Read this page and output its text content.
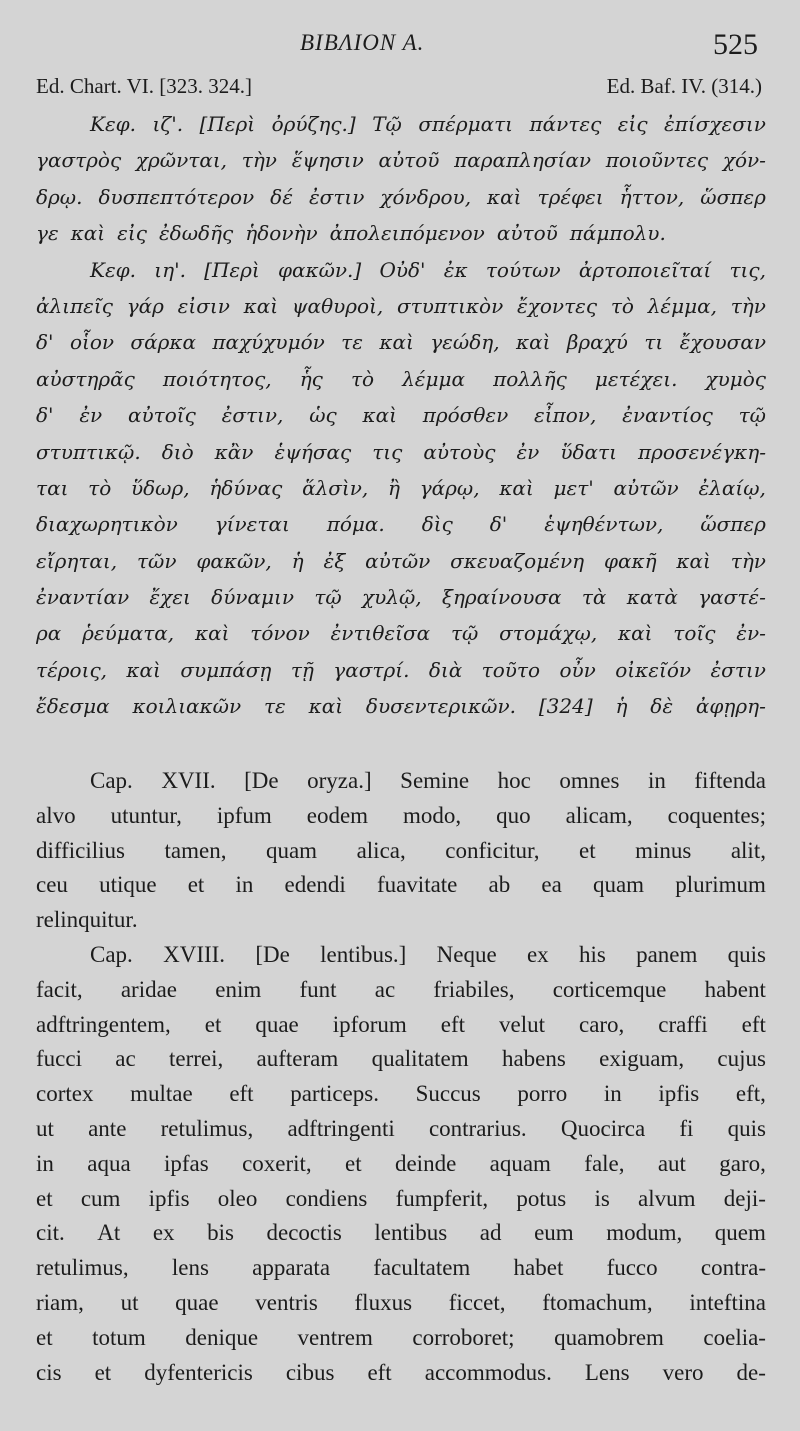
ΒΙΒΛΙΟΝ Α.	525
Ed. Chart. VI. [323. 324.]	Ed. Baf. IV. (314.)
Κεφ. ιζ'. [Περὶ ὀρύζης.] Τῷ σπέρματι πάντες εἰς ἐπίσχεσιν
γαστρὸς χρῶνται, τὴν ἕψησιν αὐτοῦ παραπλησίαν ποιοῦντες χόν-
δρῳ. δυσπεπτότερον δέ ἐστιν χόνδρου, καὶ τρέφει ἧττον, ὥσπερ
γε καὶ εἰς ἐδωδῆς ἡδονὴν ἀπολειπόμενον αὐτοῦ πάμπολυ.
Κεφ. ιη'. [Περὶ φακῶν.] Οὐδ' ἐκ τούτων ἀρτοποιεῖταί τις,
ἀλιπεῖς γάρ εἰσιν καὶ ψαθυροὶ, στυπτικὸν ἔχοντες τὸ λέμμα, τὴν
δ' οἷον σάρκα παχύχυμόν τε καὶ γεώδη, καὶ βραχύ τι ἔχουσαν
αὐστηρᾶς ποιότητος, ἧς τὸ λέμμα πολλῆς μετέχει. χυμὸς
δ' ἐν αὐτοῖς ἐστιν, ὡς καὶ πρόσθεν εἶπον, ἐναντίος τῷ
στυπτικῷ. διὸ κἂν ἑψήσας τις αὐτοὺς ἐν ὕδατι προσενέγκη-
ται τὸ ὕδωρ, ἡδύνας ἅλσὶν, ἢ γάρῳ, καὶ μετ' αὐτῶν ἐλαίῳ,
διαχωρητικὸν γίνεται πόμα. δὶς δ' ἑψηθέντων, ὥσπερ
εἴρηται, τῶν φακῶν, ἡ ἐξ αὐτῶν σκευαζομένη φακῆ καὶ τὴν
ἐναντίαν ἔχει δύναμιν τῷ χυλῷ, ξηραίνουσα τὰ κατὰ γαστέ-
ρα ῥεύματα, καὶ τόνον ἐντιθεῖσα τῷ στομάχῳ, καὶ τοῖς ἐν-
τέροις, καὶ συμπάσῃ τῇ γαστρί. διὰ τοῦτο οὖν οἰκεῖόν ἐστιν
ἔδεσμα κοιλιακῶν τε καὶ δυσεντερικῶν. [324] ἡ δὲ ἀφῃρη-
Cap. XVII. [De oryza.] Semine hoc omnes in fiftenda
alvo utuntur, ipfum eodem modo, quo alicam, coquentes;
difficilius tamen, quam alica, conficitur, et minus alit,
ceu utique et in edendi fuavitate ab ea quam plurimum
relinquitur.
Cap. XVIII. [De lentibus.] Neque ex his panem quis
facit, aridae enim funt ac friabiles, corticemque habent
adftringentem, et quae ipforum eft velut caro, craffi eft
fucci ac terrei, aufteram qualitatem habens exiguam, cujus
cortex multae eft particeps. Succus porro in ipfis eft,
ut ante retulimus, adftringenti contrarius. Quocirca fi quis
in aqua ipfas coxerit, et deinde aquam fale, aut garo,
et cum ipfis oleo condiens fumpferit, potus is alvum deji-
cit. At ex bis decoctis lentibus ad eum modum, quem
retulimus, lens apparata facultatem habet fucco contra-
riam, ut quae ventris fluxus ficcet, ftomachum, inteftina
et totum denique ventrem corroboret; quamobrem coelia-
cis et dyfentericis cibus eft accommodus. Lens vero de-
